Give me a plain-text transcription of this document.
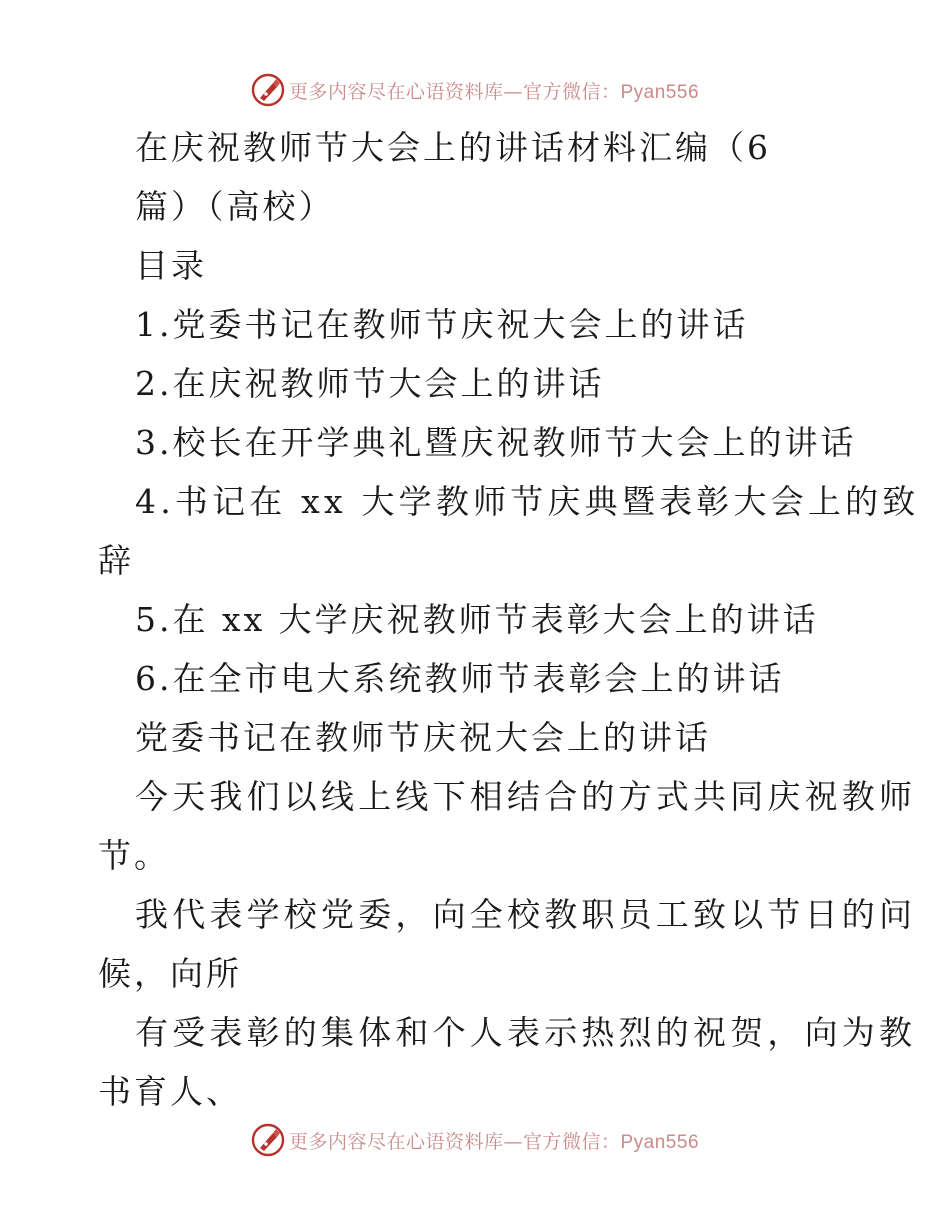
更多内容尽在心语资料库—官方微信：Pyan556
在庆祝教师节大会上的讲话材料汇编（6
篇）（高校）
目录
1.党委书记在教师节庆祝大会上的讲话
2.在庆祝教师节大会上的讲话
3.校长在开学典礼暨庆祝教师节大会上的讲话
4.书记在 xx 大学教师节庆典暨表彰大会上的致
辞
5.在 xx 大学庆祝教师节表彰大会上的讲话
6.在全市电大系统教师节表彰会上的讲话
党委书记在教师节庆祝大会上的讲话
今天我们以线上线下相结合的方式共同庆祝教师
节。
我代表学校党委，向全校教职员工致以节日的问
候，向所
有受表彰的集体和个人表示热烈的祝贺，向为教
书育人、
更多内容尽在心语资料库—官方微信：Pyan556
